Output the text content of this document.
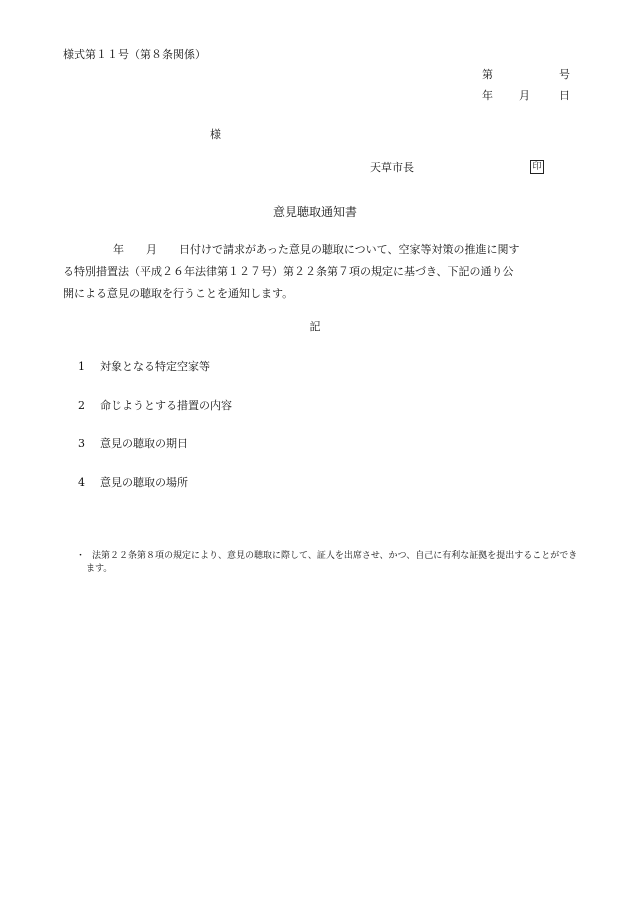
様式第１１号（第８条関係）
第	号
年 月	日
様
天草市長	印
意見聴取通知書
年　　月　　日付けで請求があった意見の聴取について、空家等対策の推進に関す
る特別措置法（平成２６年法律第１２７号）第２２条第７項の規定に基づき、下記の通り公
開による意見の聴取を行うことを通知します。
記
1 対象となる特定空家等
2 命じようとする措置の内容
3 意見の聴取の期日
4 意見の聴取の場所
・ 法第２２条第８項の規定により、意見の聴取に際して、証人を出席させ、かつ、自己に有利な証拠を提出することができます。
